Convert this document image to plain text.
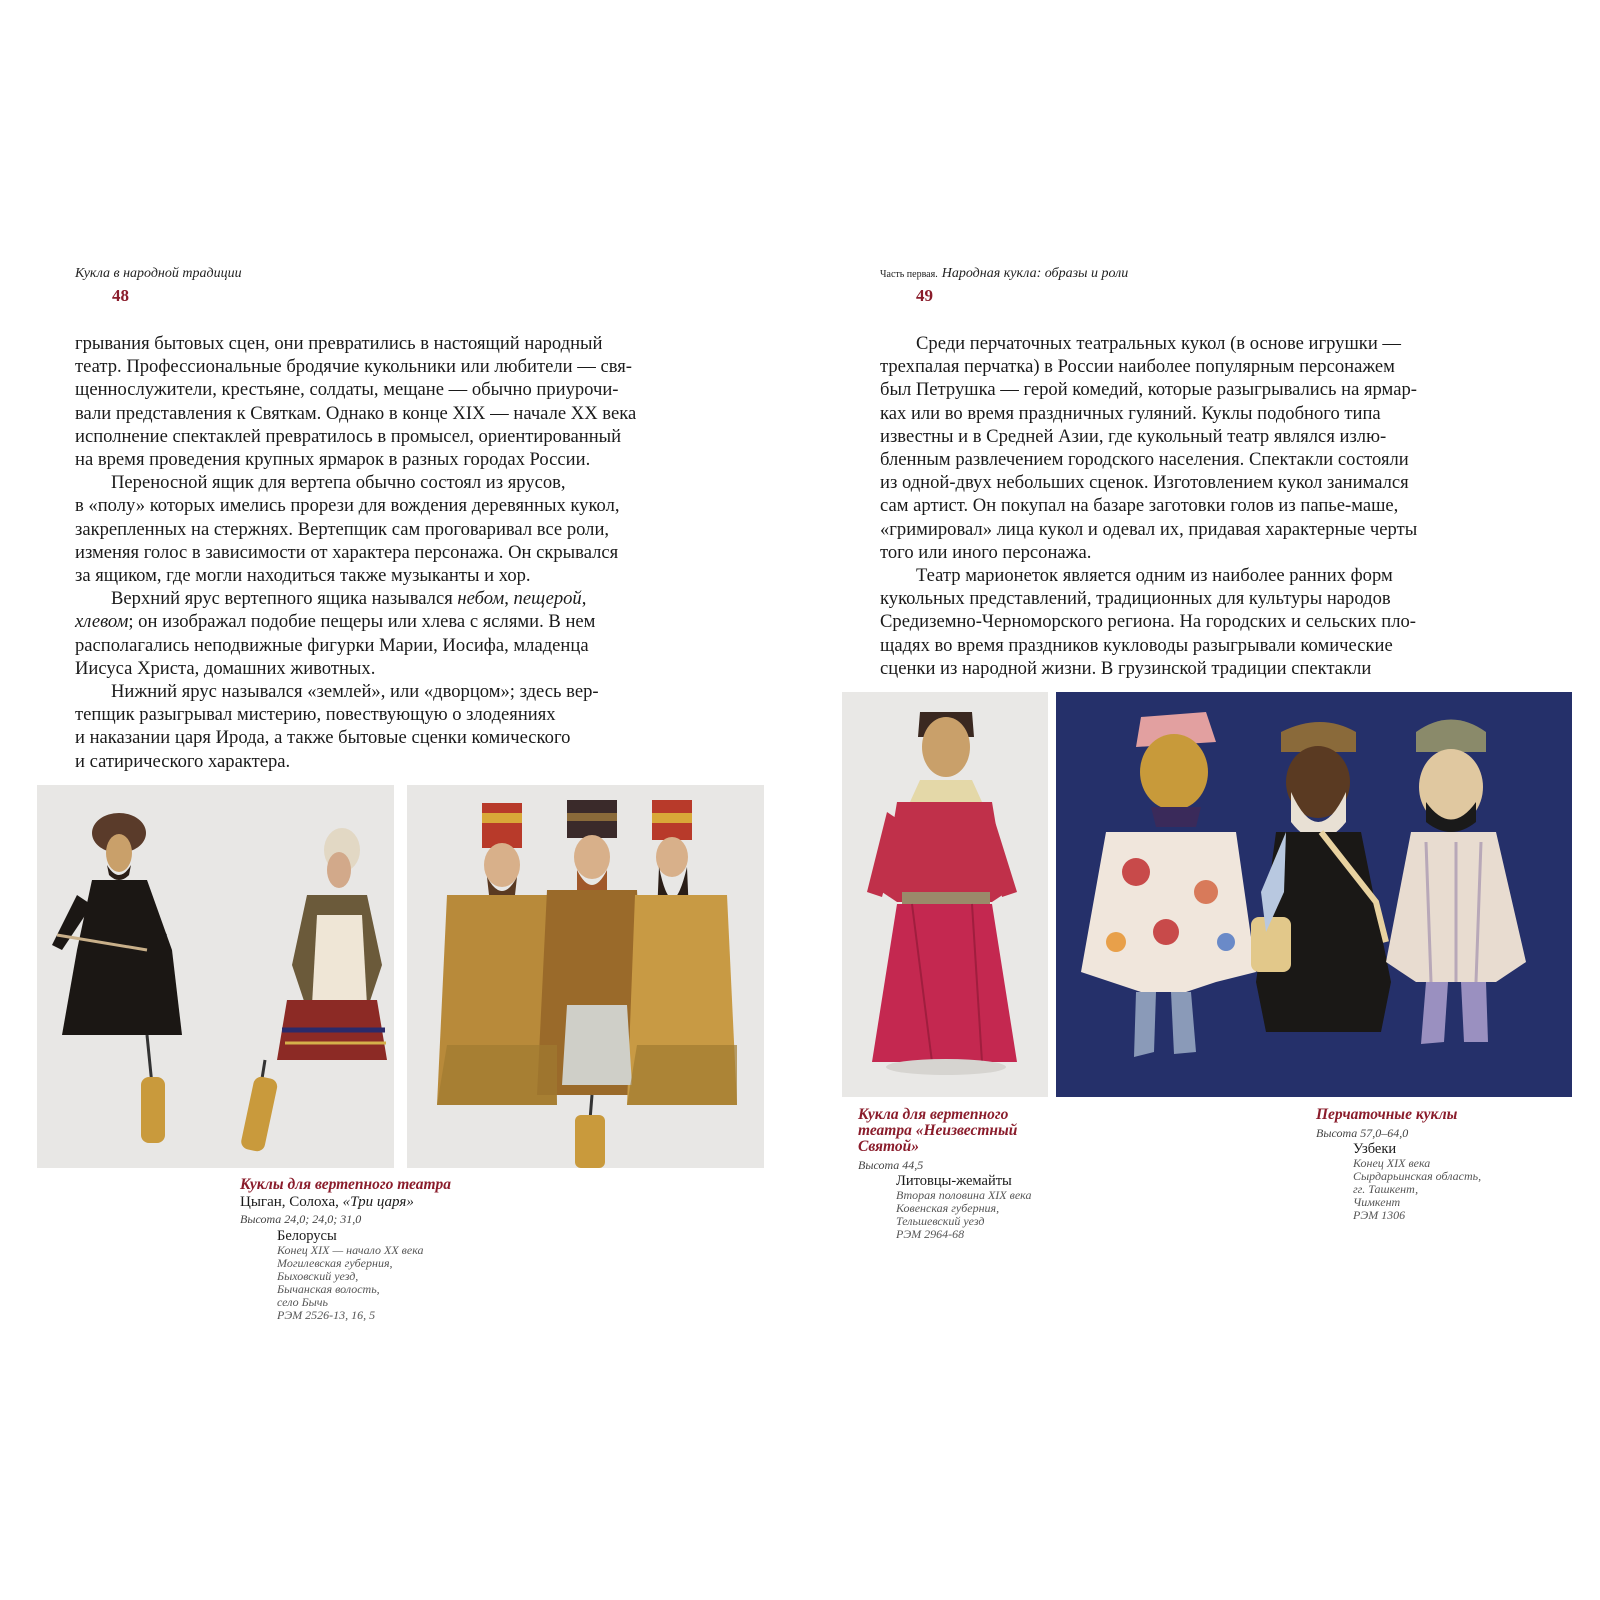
Кукла в народной традиции
48
грывания бытовых сцен, они превратились в настоящий народный
театр. Профессиональные бродячие кукольники или любители — свя-
щеннослужители, крестьяне, солдаты, мещане — обычно приурочи-
вали представления к Святкам. Однако в конце XIX — начале XX века
исполнение спектаклей превратилось в промысел, ориентированный
на время проведения крупных ярмарок в разных городах России.
Переносной ящик для вертепа обычно состоял из ярусов,
в «полу» которых имелись прорези для вождения деревянных кукол,
закрепленных на стержнях. Вертепщик сам проговаривал все роли,
изменяя голос в зависимости от характера персонажа. Он скрывался
за ящиком, где могли находиться также музыканты и хор.
Верхний ярус вертепного ящика назывался небом, пещерой,
хлевом; он изображал подобие пещеры или хлева с яслями. В нем
располагались неподвижные фигурки Марии, Иосифа, младенца
Иисуса Христа, домашних животных.
Нижний ярус назывался «землей», или «дворцом»; здесь вер-
тепщик разыгрывал мистерию, повествующую о злодеяниях
и наказании царя Ирода, а также бытовые сценки комического
и сатирического характера.
Куклы для вертепного театра
Цыган, Солоха, «Три царя»
Высота 24,0; 24,0; 31,0
Белорусы
Конец XIX — начало XX века
Могилевская губерния,
Быховский уезд,
Бычанская волость,
село Бычь
РЭМ 2526-13, 16, 5
Часть первая. Народная кукла: образы и роли
49
Среди перчаточных театральных кукол (в основе игрушки —
трехпалая перчатка) в России наиболее популярным персонажем
был Петрушка — герой комедий, которые разыгрывались на ярмар-
ках или во время праздничных гуляний. Куклы подобного типа
известны и в Средней Азии, где кукольный театр являлся излю-
бленным развлечением городского населения. Спектакли состояли
из одной-двух небольших сценок. Изготовлением кукол занимался
сам артист. Он покупал на базаре заготовки голов из папье-маше,
«гримировал» лица кукол и одевал их, придавая характерные черты
того или иного персонажа.
Театр марионеток является одним из наиболее ранних форм
кукольных представлений, традиционных для культуры народов
Средиземно-Черноморского региона. На городских и сельских пло-
щадях во время праздников кукловоды разыгрывали комические
сценки из народной жизни. В грузинской традиции спектакли
Кукла для вертепного
театра «Неизвестный
Святой»
Высота 44,5
Литовцы-жемайты
Вторая половина XIX века
Ковенская губерния,
Тельшевский уезд
РЭМ 2964-68
Перчаточные куклы
Высота 57,0–64,0
Узбеки
Конец XIX века
Сырдарьинская область,
гг. Ташкент,
Чимкент
РЭМ 1306
